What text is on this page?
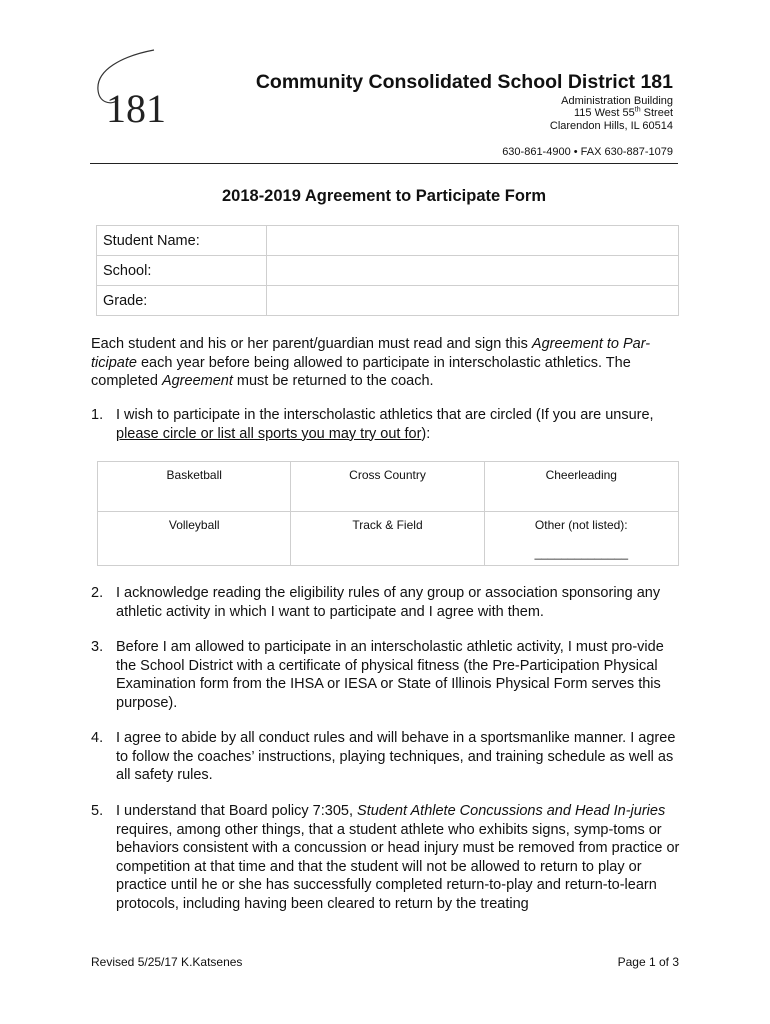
181
Community Consolidated School District 181
Administration Building
115 West 55th Street
Clarendon Hills, IL 60514
630-861-4900 • FAX 630-887-1079
2018-2019 Agreement to Participate Form
Student Name:	
School:	
Grade:	
Each student and his or her parent/guardian must read and sign this Agreement to Par-ticipate each year before being allowed to participate in interscholastic athletics. The completed Agreement must be returned to the coach.
1. I wish to participate in the interscholastic athletics that are circled (If you are unsure, please circle or list all sports you may try out for):
Basketball	Cross Country	Cheerleading
Volleyball	Track & Field	Other (not listed):
______________
2. I acknowledge reading the eligibility rules of any group or association sponsoring any athletic activity in which I want to participate and I agree with them.
3. Before I am allowed to participate in an interscholastic athletic activity, I must pro-vide the School District with a certificate of physical fitness (the Pre-Participation Physical Examination form from the IHSA or IESA or State of Illinois Physical Form serves this purpose).
4. I agree to abide by all conduct rules and will behave in a sportsmanlike manner. I agree to follow the coaches’ instructions, playing techniques, and training schedule as well as all safety rules.
5. I understand that Board policy 7:305, Student Athlete Concussions and Head In-juries requires, among other things, that a student athlete who exhibits signs, symp-toms or behaviors consistent with a concussion or head injury must be removed from practice or competition at that time and that the student will not be allowed to return to play or practice until he or she has successfully completed return-to-play and return-to-learn protocols, including having been cleared to return by the treating
Revised 5/25/17 K.Katsenes	Page 1 of 3
